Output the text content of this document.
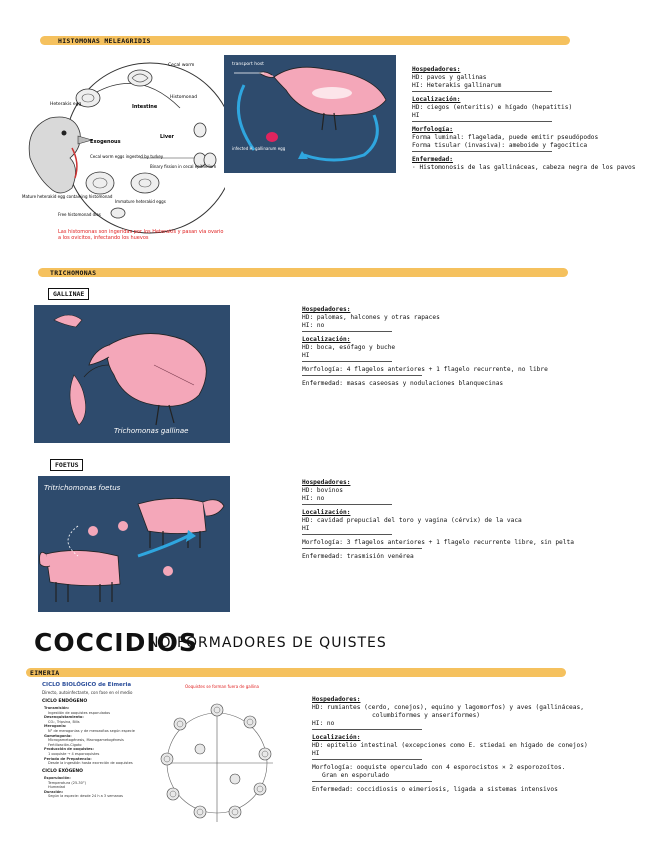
HISTOMONAS MELEAGRIDIS
Cecal worm
Heterakis egg
Histomonad
Intestine
Liver
Exogenous
Cecal worm eggs ingested by turkey
Mature heterakid egg containing histomonad
Immature heterakid eggs
Binary fission in cecal epithelium
Free histomonad dies
Las histomonas son ingeridas por los Heterakis y pasan via ovario a los ovicitos, infectando los huevos
transport host
infected H. gallinarum egg
Hospedadores:
HD: pavos y gallinas
HI: Heterakis gallinarum
Localización:
HD: ciegos (enteritis) e hígado (hepatitis)
HI
Morfología:
Forma luminal: flagelada, puede emitir pseudópodos
Forma tisular (invasiva): ameboide y fagocítica
Enfermedad:
· Histomonosis de las gallináceas, cabeza negra de los pavos
TRICHOMONAS
GALLINAE
Trichomonas gallinae
Hospedadores:
HD: palomas, halcones y otras rapaces
HI: no
Localización:
HD: boca, esófago y buche
HI
Morfología: 4 flagelos anteriores + 1 flagelo recurrente, no libre
Enfermedad: masas caseosas y nodulaciones blanquecinas
FOETUS
Tritrichomonas foetus
Hospedadores:
HD: bovinos
HI: no
Localización:
HD: cavidad prepucial del toro y vagina (cérvix) de la vaca
HI
Morfología: 3 flagelos anteriores + 1 flagelo recurrente libre, sin pelta
Enfermedad: trasmisión venérea
COCCIDIOS
NO FORMADORES DE QUISTES
EIMERIA
CICLO BIOLÓGICO de Eimeria
Directo, autoinfectante, con fase en el medio
Ooquistes se forman fuera de gallina
CICLO ENDÓGENO
Transmisión:
Ingestión de ooquistes esporulados
Desenquistamiento:
CO₂, Tripsina, Bilis
Merogonia:
N° de merogonias y de merozoítos según especie
Gametogonia:
Microgametogénesis, Macrogametogénesis
Fertilización-Cigoto
Producción de ooquistes:
1 ooquiste → 4 esporoquistes
Período de Prepatencia:
Desde la ingestión hasta excreción de ooquistes
CICLO EXÓGENO
Esporulación:
Temperatura (25-30°)
Humedad
Duración:
Según la especie: desde 24 h a 3 semanas
Hospedadores:
HD: rumiantes (cerdo, conejos), equino y lagomorfos) y aves (gallináceas,
columbiformes y anseriformes)
HI: no
Localización:
HD: epitelio intestinal (excepciones como E. stiedai en hígado de conejos)
HI
Morfología: ooquiste operculado con 4 esporocistos × 2 esporozoítos.
Gran en esporulado
Enfermedad: coccidiosis o eimeriosis, ligada a sistemas intensivos
